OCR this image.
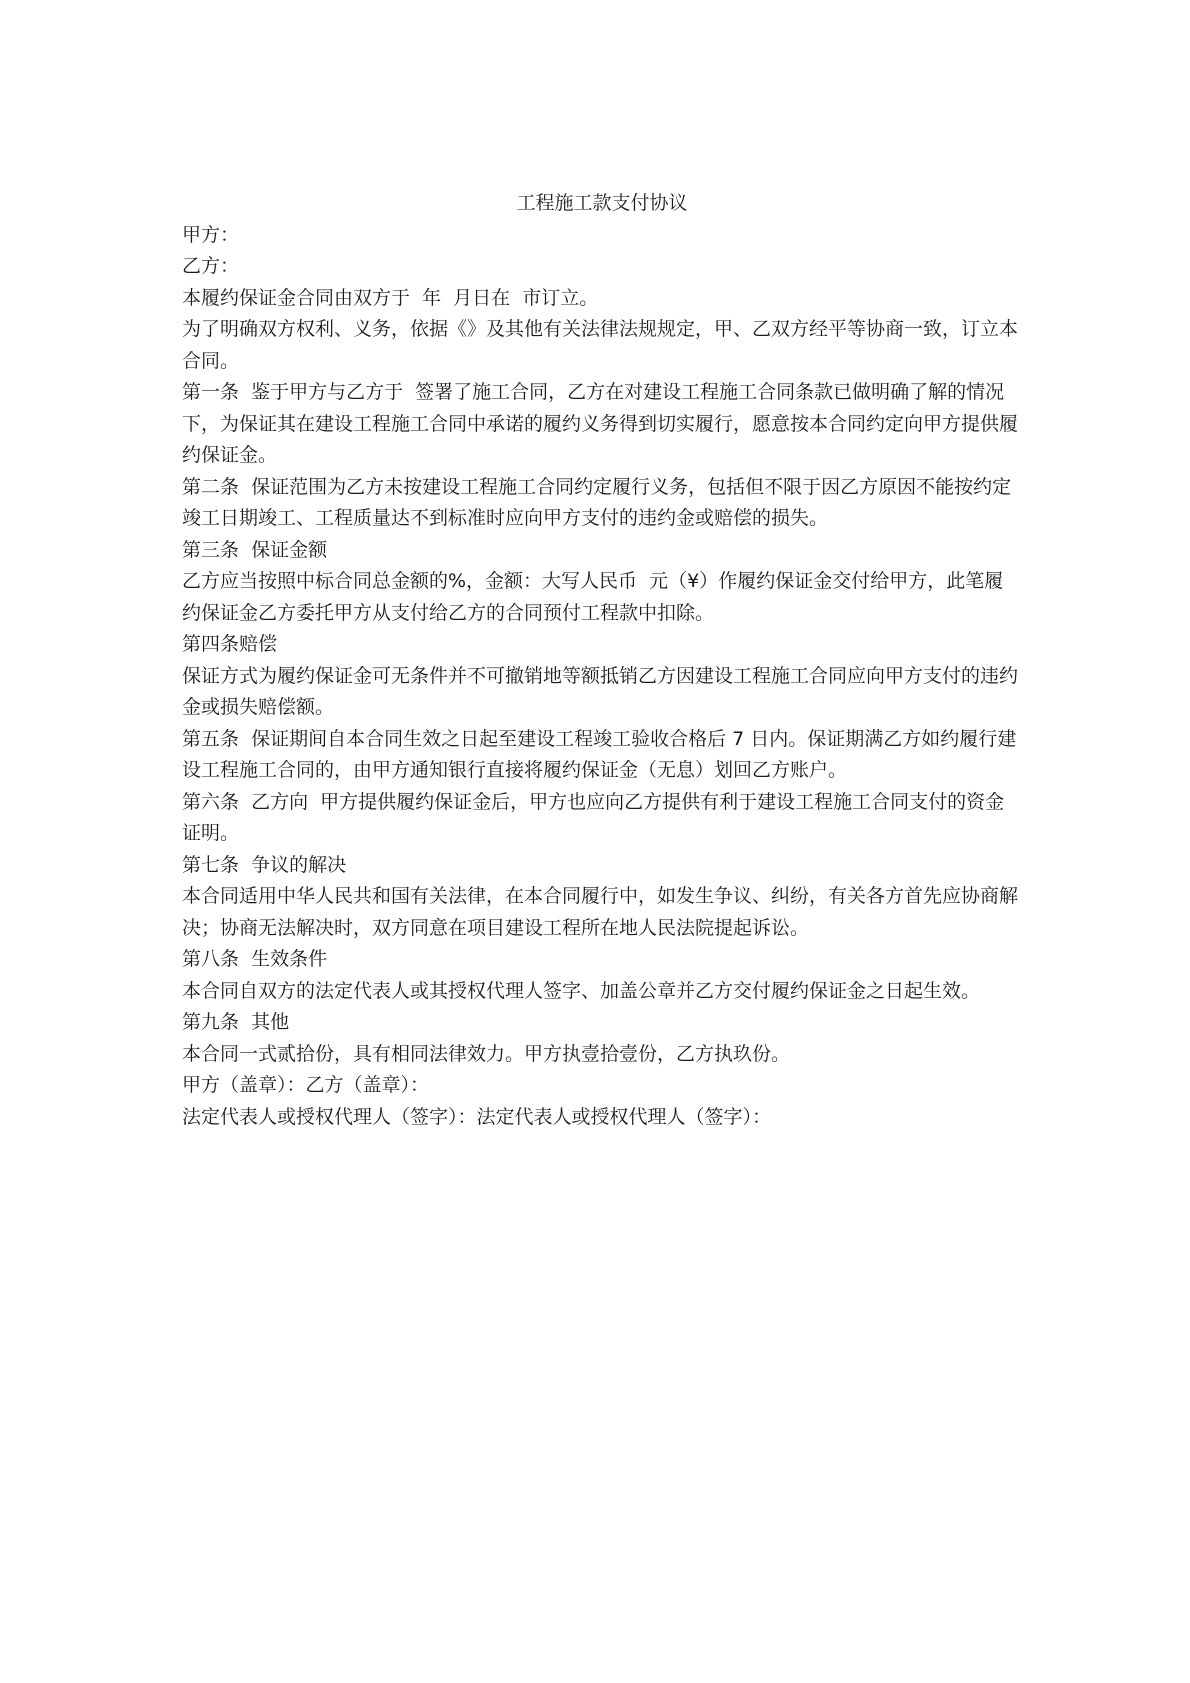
工程施工款支付协议

甲方：

乙方：

本履约保证金合同由双方于  年  月日在  市订立。

为了明确双方权利、义务，依据《》及其他有关法律法规规定，甲、乙双方经平等协商一致，订立本合同。

第一条  鉴于甲方与乙方于  签署了施工合同，乙方在对建设工程施工合同条款已做明确了解的情况下，为保证其在建设工程施工合同中承诺的履约义务得到切实履行，愿意按本合同约定向甲方提供履约保证金。

第二条  保证范围为乙方未按建设工程施工合同约定履行义务，包括但不限于因乙方原因不能按约定竣工日期竣工、工程质量达不到标准时应向甲方支付的违约金或赔偿的损失。

第三条  保证金额

乙方应当按照中标合同总金额的%，金额：大写人民币  元（¥）作履约保证金交付给甲方，此笔履约保证金乙方委托甲方从支付给乙方的合同预付工程款中扣除。

第四条赔偿

保证方式为履约保证金可无条件并不可撤销地等额抵销乙方因建设工程施工合同应向甲方支付的违约金或损失赔偿额。

第五条  保证期间自本合同生效之日起至建设工程竣工验收合格后 7 日内。保证期满乙方如约履行建设工程施工合同的，由甲方通知银行直接将履约保证金（无息）划回乙方账户。

第六条  乙方向  甲方提供履约保证金后，甲方也应向乙方提供有利于建设工程施工合同支付的资金证明。

第七条  争议的解决

本合同适用中华人民共和国有关法律，在本合同履行中，如发生争议、纠纷，有关各方首先应协商解决；协商无法解决时，双方同意在项目建设工程所在地人民法院提起诉讼。

第八条  生效条件

本合同自双方的法定代表人或其授权代理人签字、加盖公章并乙方交付履约保证金之日起生效。

第九条  其他

本合同一式贰拾份，具有相同法律效力。甲方执壹拾壹份，乙方执玖份。

甲方（盖章）：乙方（盖章）：

法定代表人或授权代理人（签字）：法定代表人或授权代理人（签字）：
